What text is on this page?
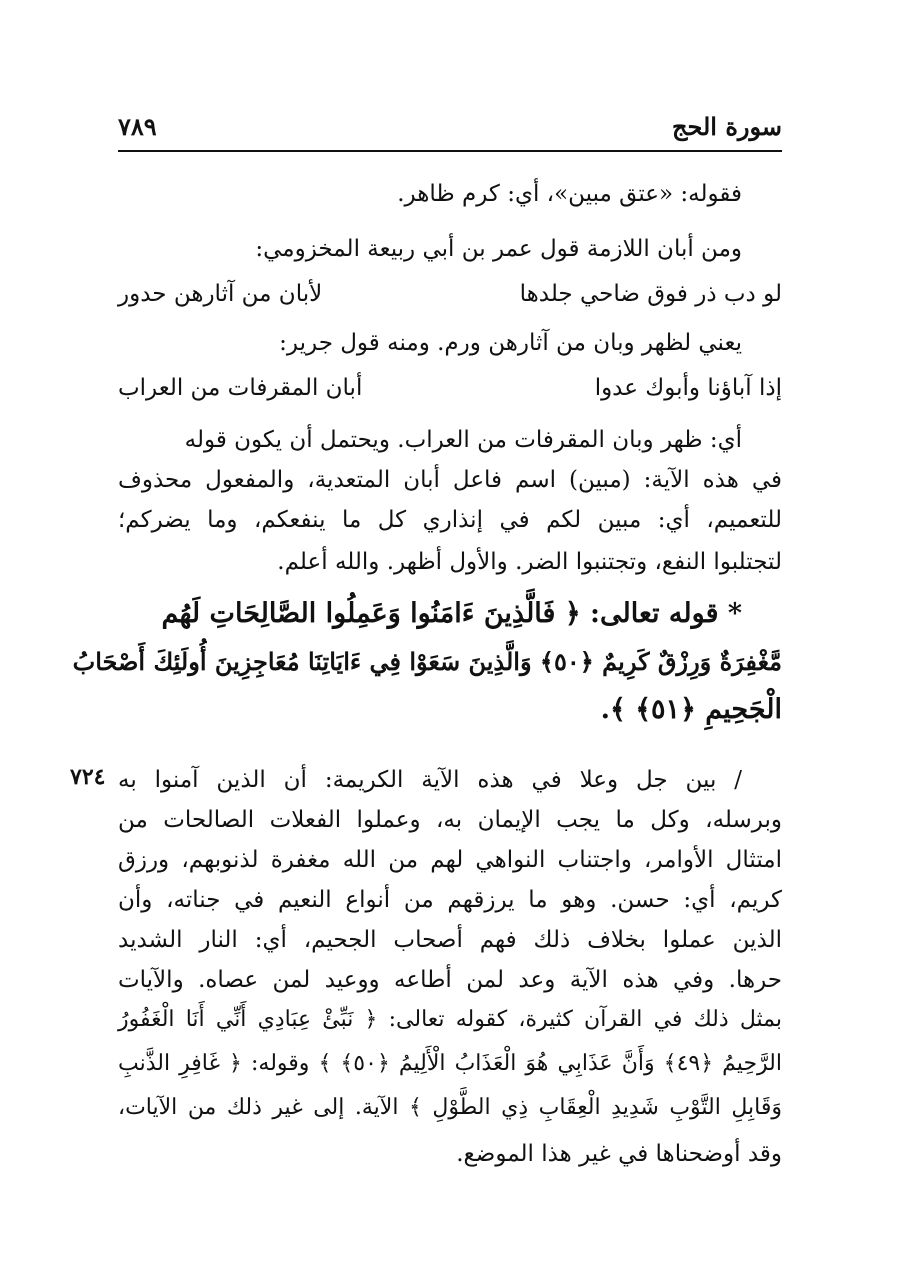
سورة الحج
٧٨٩
فقوله: «عتق مبين»، أي: كرم ظاهر.
ومن أبان اللازمة قول عمر بن أبي ربيعة المخزومي:
لو دب ذر فوق ضاحي جلدها
لأبان من آثارهن حدور
يعني لظهر وبان من آثارهن ورم. ومنه قول جرير:
إذا آباؤنا وأبوك عدوا
أبان المقرفات من العراب
أي: ظهر وبان المقرفات من العراب. ويحتمل أن يكون قوله
في هذه الآية: (مبين) اسم فاعل أبان المتعدية، والمفعول محذوف
للتعميم، أي: مبين لكم في إنذاري كل ما ينفعكم، وما يضركم؛
لتجتلبوا النفع، وتجتنبوا الضر. والأول أظهر. والله أعلم.
* قوله تعالى: ﴿ فَالَّذِينَ ءَامَنُوا وَعَمِلُوا الصَّالِحَاتِ لَهُم
مَّغْفِرَةٌ وَرِزْقٌ كَرِيمٌ ﴿٥٠﴾ وَالَّذِينَ سَعَوْا فِي ءَايَاتِنَا مُعَاجِزِينَ أُولَئِكَ أَصْحَابُ
الْجَحِيمِ ﴿٥١﴾ ﴾.
٧٢٤ / بين جل وعلا في هذه الآية الكريمة: أن الذين آمنوا به
وبرسله، وكل ما يجب الإيمان به، وعملوا الفعلات الصالحات من
امتثال الأوامر، واجتناب النواهي لهم من الله مغفرة لذنوبهم، ورزق
كريم، أي: حسن. وهو ما يرزقهم من أنواع النعيم في جناته، وأن
الذين عملوا بخلاف ذلك فهم أصحاب الجحيم، أي: النار الشديد
حرها. وفي هذه الآية وعد لمن أطاعه ووعيد لمن عصاه. والآيات
بمثل ذلك في القرآن كثيرة، كقوله تعالى: ﴿ نَبِّئْ عِبَادِي أَنِّي أَنَا الْغَفُورُ
الرَّحِيمُ ﴿٤٩﴾ وَأَنَّ عَذَابِي هُوَ الْعَذَابُ الْأَلِيمُ ﴿٥٠﴾ ﴾ وقوله: ﴿ غَافِرِ الذَّنبِ
وَقَابِلِ التَّوْبِ شَدِيدِ الْعِقَابِ ذِي الطَّوْلِ ﴾ الآية. إلى غير ذلك من الآيات،
وقد أوضحناها في غير هذا الموضع.
